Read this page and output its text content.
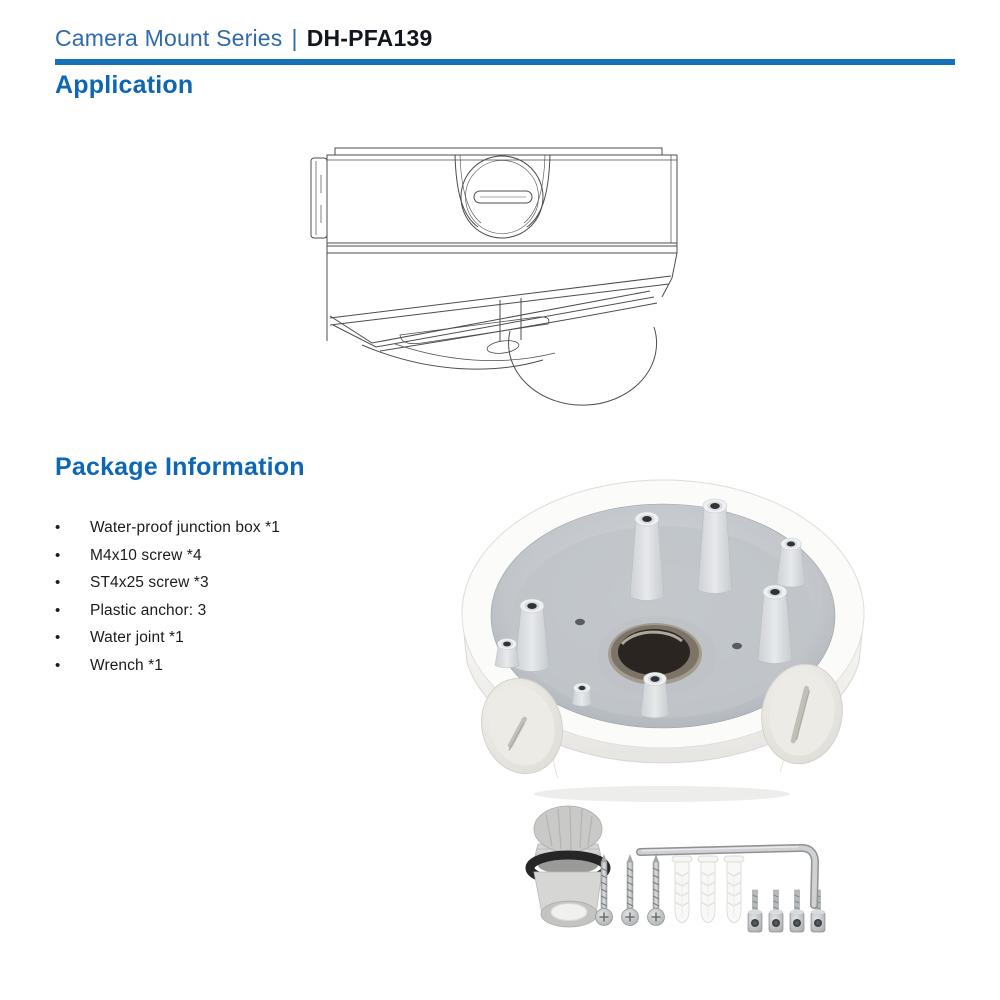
Camera Mount Series | DH-PFA139
Application
Package Information
•	Water-proof junction box *1
•	M4x10 screw *4
•	ST4x25 screw *3
•	Plastic anchor: 3
•	Water joint *1
•	Wrench *1
